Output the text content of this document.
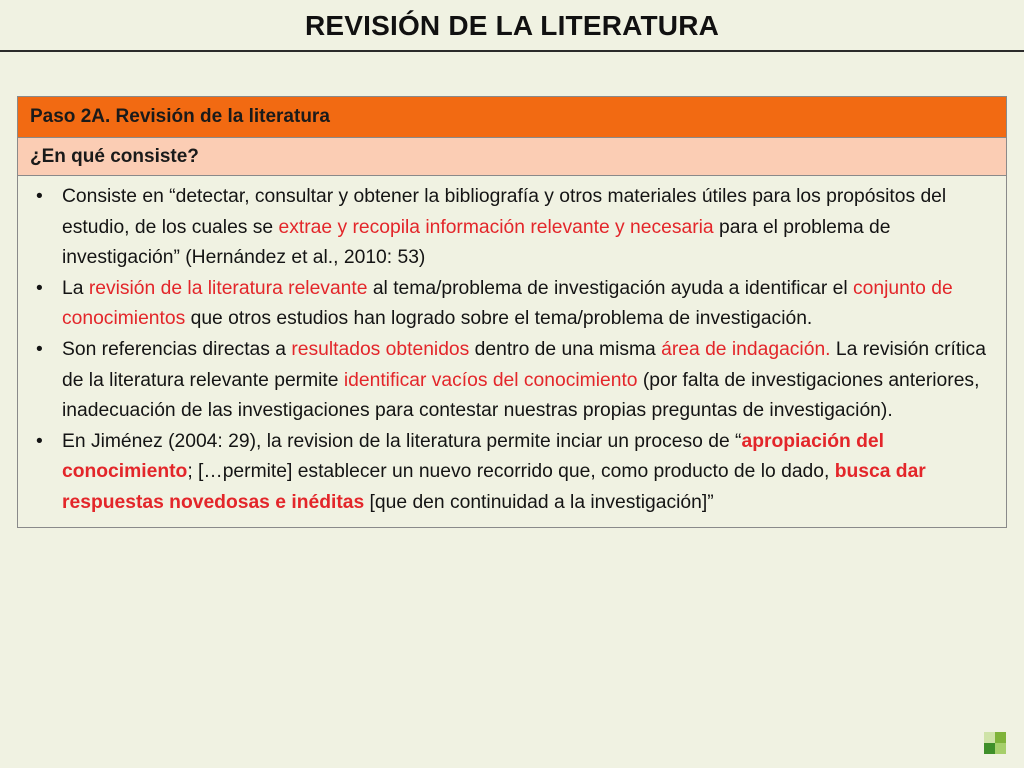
REVISIÓN DE LA LITERATURA
Paso 2A. Revisión de la literatura
¿En qué consiste?
• Consiste en “detectar, consultar y obtener la bibliografía y otros materiales útiles para los propósitos del estudio, de los cuales se extrae y recopila información relevante y necesaria para el problema de investigación” (Hernández et al., 2010: 53)
• La revisión de la literatura relevante al tema/problema de investigación ayuda a identificar el conjunto de conocimientos que otros estudios han logrado sobre el tema/problema de investigación.
• Son referencias directas a resultados obtenidos dentro de una misma área de indagación. La revisión crítica de la literatura relevante permite identificar vacíos del conocimiento (por falta de investigaciones anteriores, inadecuación de las investigaciones para contestar nuestras propias preguntas de investigación).
• En Jiménez (2004: 29), la revision de la literatura permite inciar un proceso de “apropiación del conocimiento; […permite] establecer un nuevo recorrido que, como producto de lo dado, busca dar respuestas novedosas e inéditas [que den continuidad a la investigación]”
